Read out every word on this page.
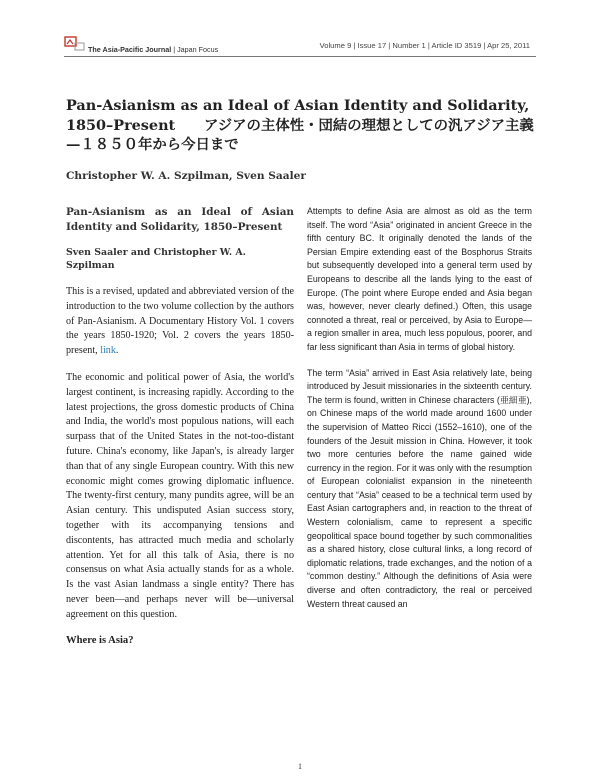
The Asia-Pacific Journal | Japan Focus	Volume 9 | Issue 17 | Number 1 | Article ID 3519 | Apr 25, 2011
Pan-Asianism as an Ideal of Asian Identity and Solidarity, 1850–Present　　アジアの主体性・団結の理想としての汎アジア主義—１８５０年から今日まで
Christopher W. A. Szpilman, Sven Saaler
Pan-Asianism as an Ideal of Asian Identity and Solidarity, 1850–Present
Sven Saaler and Christopher W. A. Szpilman

This is a revised, updated and abbreviated version of the introduction to the two volume collection by the authors of Pan-Asianism. A Documentary History Vol. 1 covers the years 1850-1920; Vol. 2 covers the years 1850-present, link.

The economic and political power of Asia, the world's largest continent, is increasing rapidly. According to the latest projections, the gross domestic products of China and India, the world's most populous nations, will each surpass that of the United States in the not-too-distant future. China's economy, like Japan's, is already larger than that of any single European country. With this new economic might comes growing diplomatic influence. The twenty-first century, many pundits agree, will be an Asian century. This undisputed Asian success story, together with its accompanying tensions and discontents, has attracted much media and scholarly attention. Yet for all this talk of Asia, there is no consensus on what Asia actually stands for as a whole. Is the vast Asian landmass a single entity? There has never been—and perhaps never will be—universal agreement on this question.

Where is Asia?

Attempts to define Asia are almost as old as the term itself. The word “Asia” originated in ancient Greece in the fifth century BC. It originally denoted the lands of the Persian Empire extending east of the Bosphorus Straits but subsequently developed into a general term used by Europeans to describe all the lands lying to the east of Europe. (The point where Europe ended and Asia began was, however, never clearly defined.) Often, this usage connoted a threat, real or perceived, by Asia to Europe—a region smaller in area, much less populous, poorer, and far less significant than Asia in terms of global history.

The term “Asia” arrived in East Asia relatively late, being introduced by Jesuit missionaries in the sixteenth century. The term is found, written in Chinese characters (亜細亜), on Chinese maps of the world made around 1600 under the supervision of Matteo Ricci (1552–1610), one of the founders of the Jesuit mission in China. However, it took two more centuries before the name gained wide currency in the region. For it was only with the resumption of European colonialist expansion in the nineteenth century that “Asia” ceased to be a technical term used by East Asian cartographers and, in reaction to the threat of Western colonialism, came to represent a specific geopolitical space bound together by such commonalities as a shared history, close cultural links, a long record of diplomatic relations, trade exchanges, and the notion of a “common destiny.” Although the definitions of Asia were diverse and often contradictory, the real or perceived Western threat caused an

1
